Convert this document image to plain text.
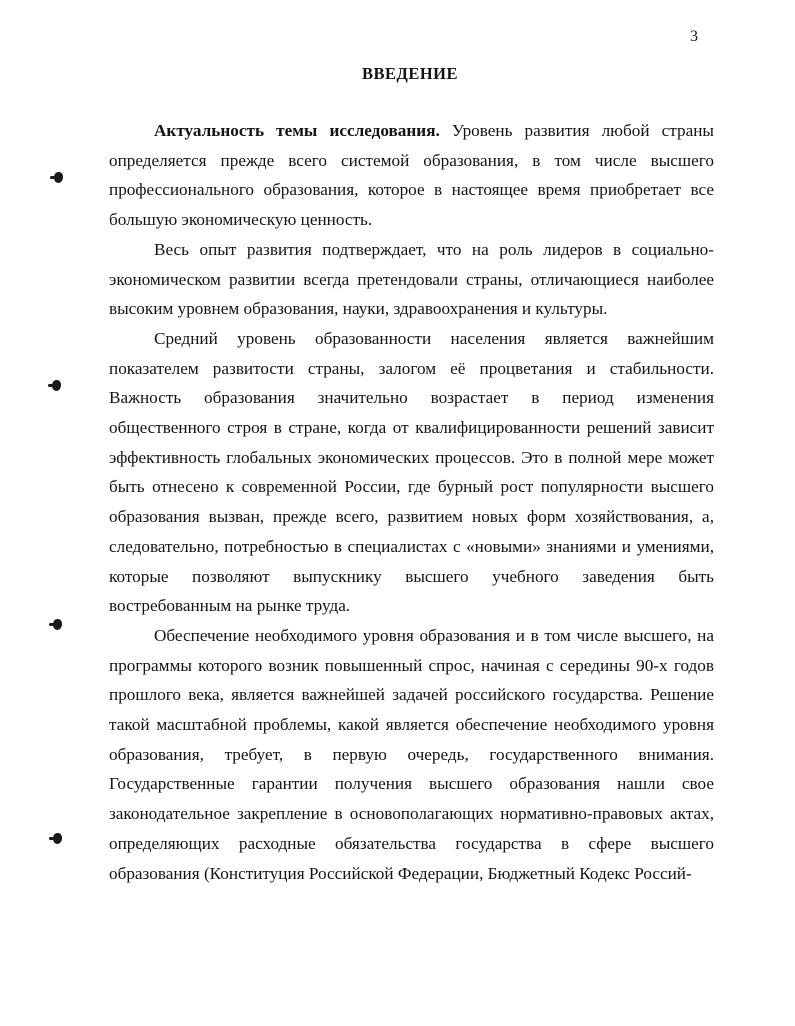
3
ВВЕДЕНИЕ

Актуальность темы исследования. Уровень развития любой страны определяется прежде всего системой образования, в том числе высшего профессионального образования, которое в настоящее время приобретает все большую экономическую ценность.

Весь опыт развития подтверждает, что на роль лидеров в социально-экономическом развитии всегда претендовали страны, отличающиеся наиболее высоким уровнем образования, науки, здравоохранения и культуры.

Средний уровень образованности населения является важнейшим показателем развитости страны, залогом её процветания и стабильности. Важность образования значительно возрастает в период изменения общественного строя в стране, когда от квалифицированности решений зависит эффективность глобальных экономических процессов. Это в полной мере может быть отнесено к современной России, где бурный рост популярности высшего образования вызван, прежде всего, развитием новых форм хозяйствования, а, следовательно, потребностью в специалистах с «новыми» знаниями и умениями, которые позволяют выпускнику высшего учебного заведения быть востребованным на рынке труда.

Обеспечение необходимого уровня образования и в том числе высшего, на программы которого возник повышенный спрос, начиная с середины 90-х годов прошлого века, является важнейшей задачей российского государства. Решение такой масштабной проблемы, какой является обеспечение необходимого уровня образования, требует, в первую очередь, государственного внимания. Государственные гарантии получения высшего образования нашли свое законодательное закрепление в основополагающих нормативно-правовых актах, определяющих расходные обязательства государства в сфере высшего образования (Конституция Российской Федерации, Бюджетный Кодекс Россий-
